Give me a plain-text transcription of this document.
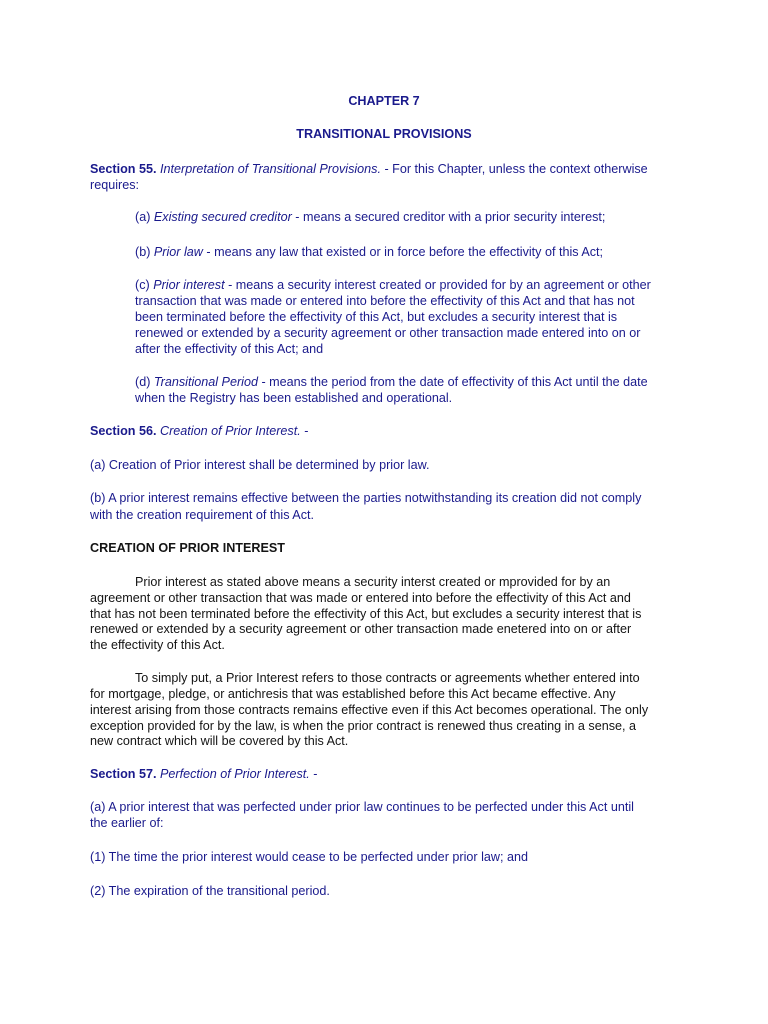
CHAPTER 7

TRANSITIONAL PROVISIONS

Section 55. Interpretation of Transitional Provisions. - For this Chapter, unless the context otherwise

requires:

(a) Existing secured creditor - means a secured creditor with a prior security interest;

(b) Prior law - means any law that existed or in force before the effectivity of this Act;

(c) Prior interest - means a security interest created or provided for by an agreement or other

transaction that was made or entered into before the effectivity of this Act and that has not

been terminated before the effectivity of this Act, but excludes a security interest that is

renewed or extended by a security agreement or other transaction made entered into on or

after the effectivity of this Act; and

(d) Transitional Period - means the period from the date of effectivity of this Act until the date

when the Registry has been established and operational.

Section 56. Creation of Prior Interest. -

(a) Creation of Prior interest shall be determined by prior law.

(b) A prior interest remains effective between the parties notwithstanding its creation did not comply

with the creation requirement of this Act.

CREATION OF PRIOR INTEREST

Prior interest as stated above means a security interst created or mprovided for by an

agreement or other transaction that was made or entered into before the effectivity of this Act and

that has not been terminated before the effectivity of this Act, but excludes a security interest that is

renewed or extended by a security agreement or other transaction made enetered into on or after

the effectivity of this Act.

To simply put, a Prior Interest refers to those contracts or agreements whether entered into

for mortgage, pledge, or antichresis that was established before this Act became effective. Any

interest arising from those contracts remains effective even if this Act becomes operational. The only

exception provided for by the law, is when the prior contract is renewed thus creating in a sense, a

new contract which will be covered by this Act.

Section 57. Perfection of Prior Interest. -

(a) A prior interest that was perfected under prior law continues to be perfected under this Act until

the earlier of:

(1) The time the prior interest would cease to be perfected under prior law; and

(2) The expiration of the transitional period.
